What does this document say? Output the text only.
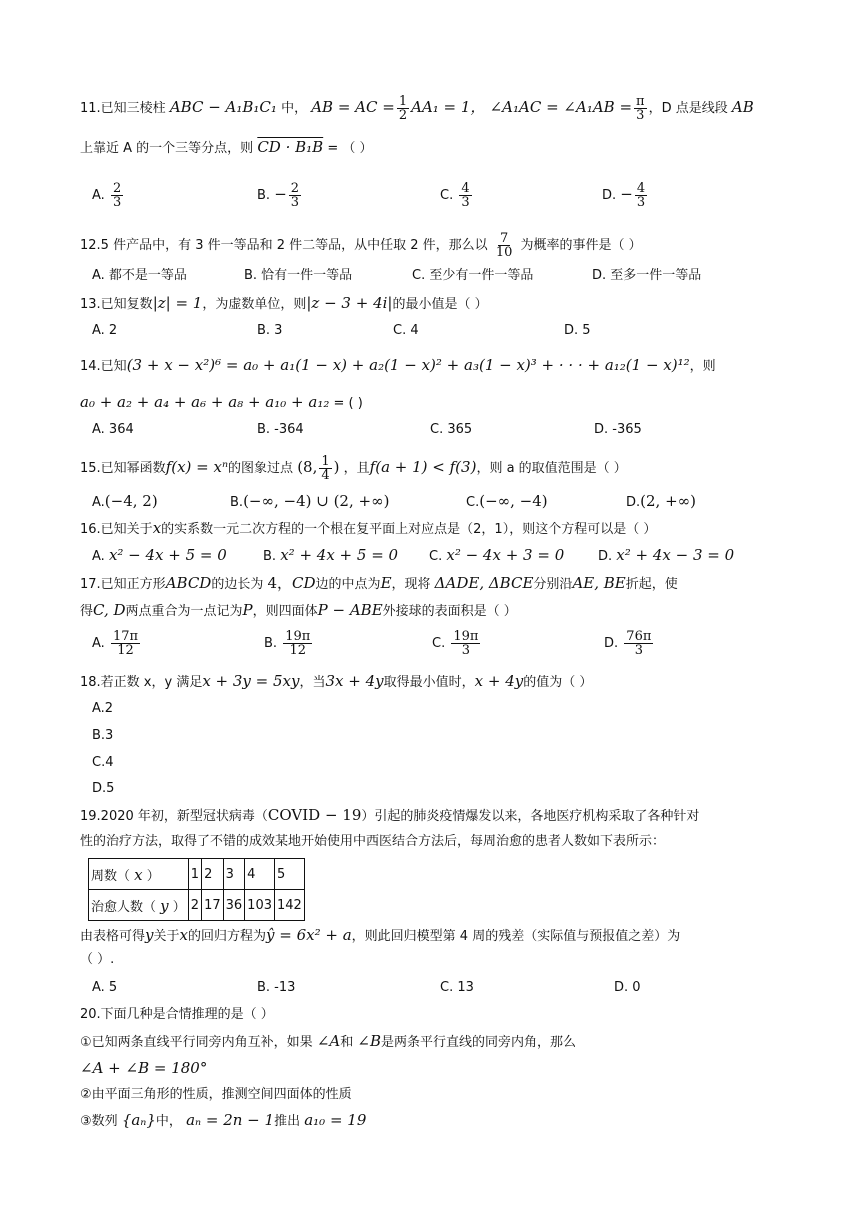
11.已知三棱柱 ABC − A₁B₁C₁ 中， AB = AC = $\frac{1}{2} AA_1 = 1$， ∠A₁AC = ∠A₁AB = $\frac{\pi}{3}$ ，D 点是线段 AB
上靠近 A 的一个三等分点，则 CD · B₁B = （ ）
A. $\frac{2}{3}$	B. − $\frac{2}{3}$	C. $\frac{4}{3}$	D. − $\frac{4}{3}$
12.5 件产品中，有 3 件一等品和 2 件二等品，从中任取 2 件，那么以 $\frac{7}{10}$ 为概率的事件是（ ）
A. 都不是一等品	B. 恰有一件一等品	C. 至少有一件一等品	D. 至多一件一等品
13.已知复数|z| = 1，为虚数单位，则|z − 3 + 4i|的最小值是（ ）
A. 2	B. 3	C. 4	D. 5
14.已知(3 + x − x²)⁶ = a₀ + a₁(1 − x) + a₂(1 − x)² + a₃(1 − x)³ + · · · + a₁₂(1 − x)¹²，则
a₀ + a₂ + a₄ + a₆ + a₈ + a₁₀ + a₁₂ = ( )
A. 364	B. -364	C. 365	D. -365
15.已知幂函数f(x) = xⁿ的图象过点 (8, $\frac{1}{4}$ ) ，且f(a + 1) < f(3)，则 a 的取值范围是（ ）
A.(−4, 2)	B.(−∞, −4) ∪ (2, +∞)	C.(−∞, −4)	D.(2, +∞)
16.已知关于x的实系数一元二次方程的一个根在复平面上对应点是（2，1），则这个方程可以是（ ）
A. x² − 4x + 5 = 0	B. x² + 4x + 5 = 0 C. x² − 4x + 3 = 0	D. x² + 4x − 3 = 0
17.已知正方形ABCD的边长为 4，CD边的中点为E，现将 ΔADE, ΔBCE分别沿AE, BE折起，使
得C, D两点重合为一点记为P，则四面体P − ABE外接球的表面积是（ ）
A. $\frac{17\pi}{12}$	B. $\frac{19\pi}{12}$	C. $\frac{19\pi}{3}$	D. $\frac{76\pi}{3}$
18.若正数 x，y 满足x + 3y = 5xy，当3x + 4y取得最小值时，x + 4y的值为（ ）
A.2
B.3
C.4
D.5
19.2020 年初，新型冠状病毒（COVID − 19）引起的肺炎疫情爆发以来，各地医疗机构采取了各种针对
性的治疗方法，取得了不错的成效某地开始使用中西医结合方法后，每周治愈的患者人数如下表所示：
周数（ x ）	1	2	3	4	5
治愈人数（ y ）	2	17	36	103	142
由表格可得y关于x的回归方程为ŷ = 6x² + a，则此回归模型第 4 周的残差（实际值与预报值之差）为
（ ）.
A. 5	B. -13	C. 13	D. 0
20.下面几种是合情推理的是（ ）
①已知两条直线平行同旁内角互补，如果 ∠A和 ∠B是两条平行直线的同旁内角，那么
∠A + ∠B = 180°
②由平面三角形的性质，推测空间四面体的性质
③数列 {aₙ}中， aₙ = 2n − 1推出 a₁₀ = 19
